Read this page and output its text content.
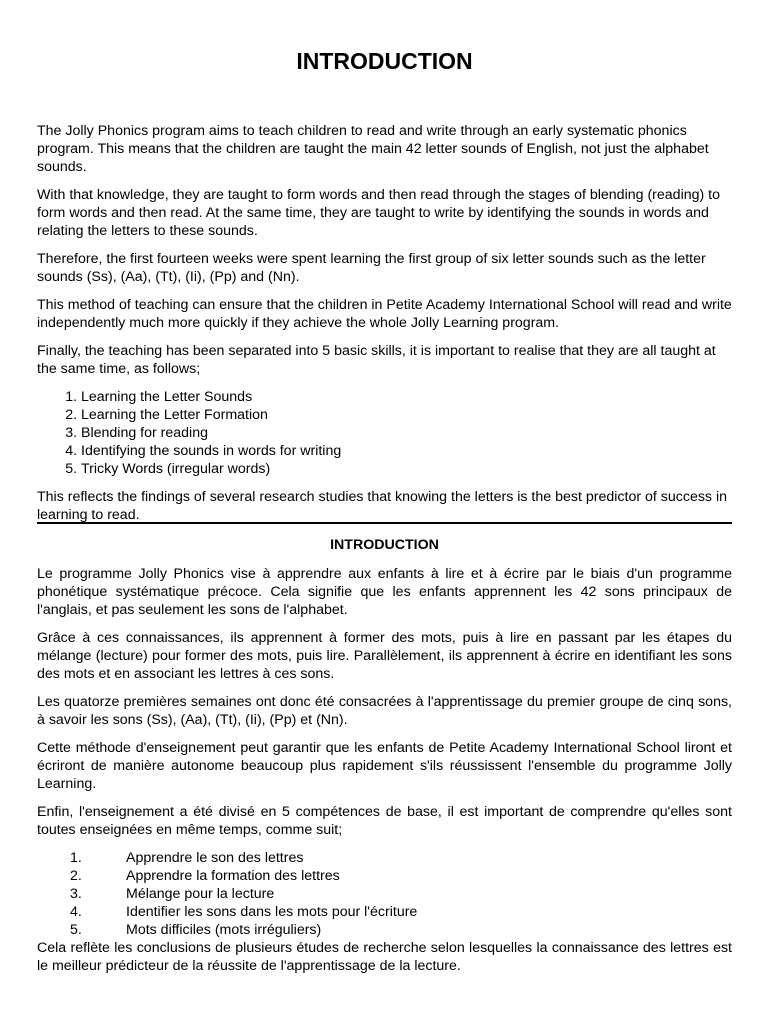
INTRODUCTION

The Jolly Phonics program aims to teach children to read and write through an early systematic phonics program. This means that the children are taught the main 42 letter sounds of English, not just the alphabet sounds.

With that knowledge, they are taught to form words and then read through the stages of blending (reading) to form words and then read. At the same time, they are taught to write by identifying the sounds in words and relating the letters to these sounds.

Therefore, the first fourteen weeks were spent learning the first group of six letter sounds such as the letter sounds (Ss), (Aa), (Tt), (Ii), (Pp) and (Nn).

This method of teaching can ensure that the children in Petite Academy International School will read and write independently much more quickly if they achieve the whole Jolly Learning program.

Finally, the teaching has been separated into 5 basic skills, it is important to realise that they are all taught at the same time, as follows;

1. Learning the Letter Sounds
2. Learning the Letter Formation
3. Blending for reading
4. Identifying the sounds in words for writing
5. Tricky Words (irregular words)

This reflects the findings of several research studies that knowing the letters is the best predictor of success in learning to read.

INTRODUCTION

Le programme Jolly Phonics vise à apprendre aux enfants à lire et à écrire par le biais d'un programme phonétique systématique précoce. Cela signifie que les enfants apprennent les 42 sons principaux de l'anglais, et pas seulement les sons de l'alphabet.

Grâce à ces connaissances, ils apprennent à former des mots, puis à lire en passant par les étapes du mélange (lecture) pour former des mots, puis lire. Parallèlement, ils apprennent à écrire en identifiant les sons des mots et en associant les lettres à ces sons.

Les quatorze premières semaines ont donc été consacrées à l'apprentissage du premier groupe de cinq sons, à savoir les sons (Ss), (Aa), (Tt), (Ii), (Pp) et (Nn).

Cette méthode d'enseignement peut garantir que les enfants de Petite Academy International School liront et écriront de manière autonome beaucoup plus rapidement s'ils réussissent l'ensemble du programme Jolly Learning.

Enfin, l'enseignement a été divisé en 5 compétences de base, il est important de comprendre qu'elles sont toutes enseignées en même temps, comme suit;

1.	Apprendre le son des lettres
2.	Apprendre la formation des lettres
3.	Mélange pour la lecture
4.	Identifier les sons dans les mots pour l'écriture
5.	Mots difficiles (mots irréguliers)

Cela reflète les conclusions de plusieurs études de recherche selon lesquelles la connaissance des lettres est le meilleur prédicteur de la réussite de l'apprentissage de la lecture.
